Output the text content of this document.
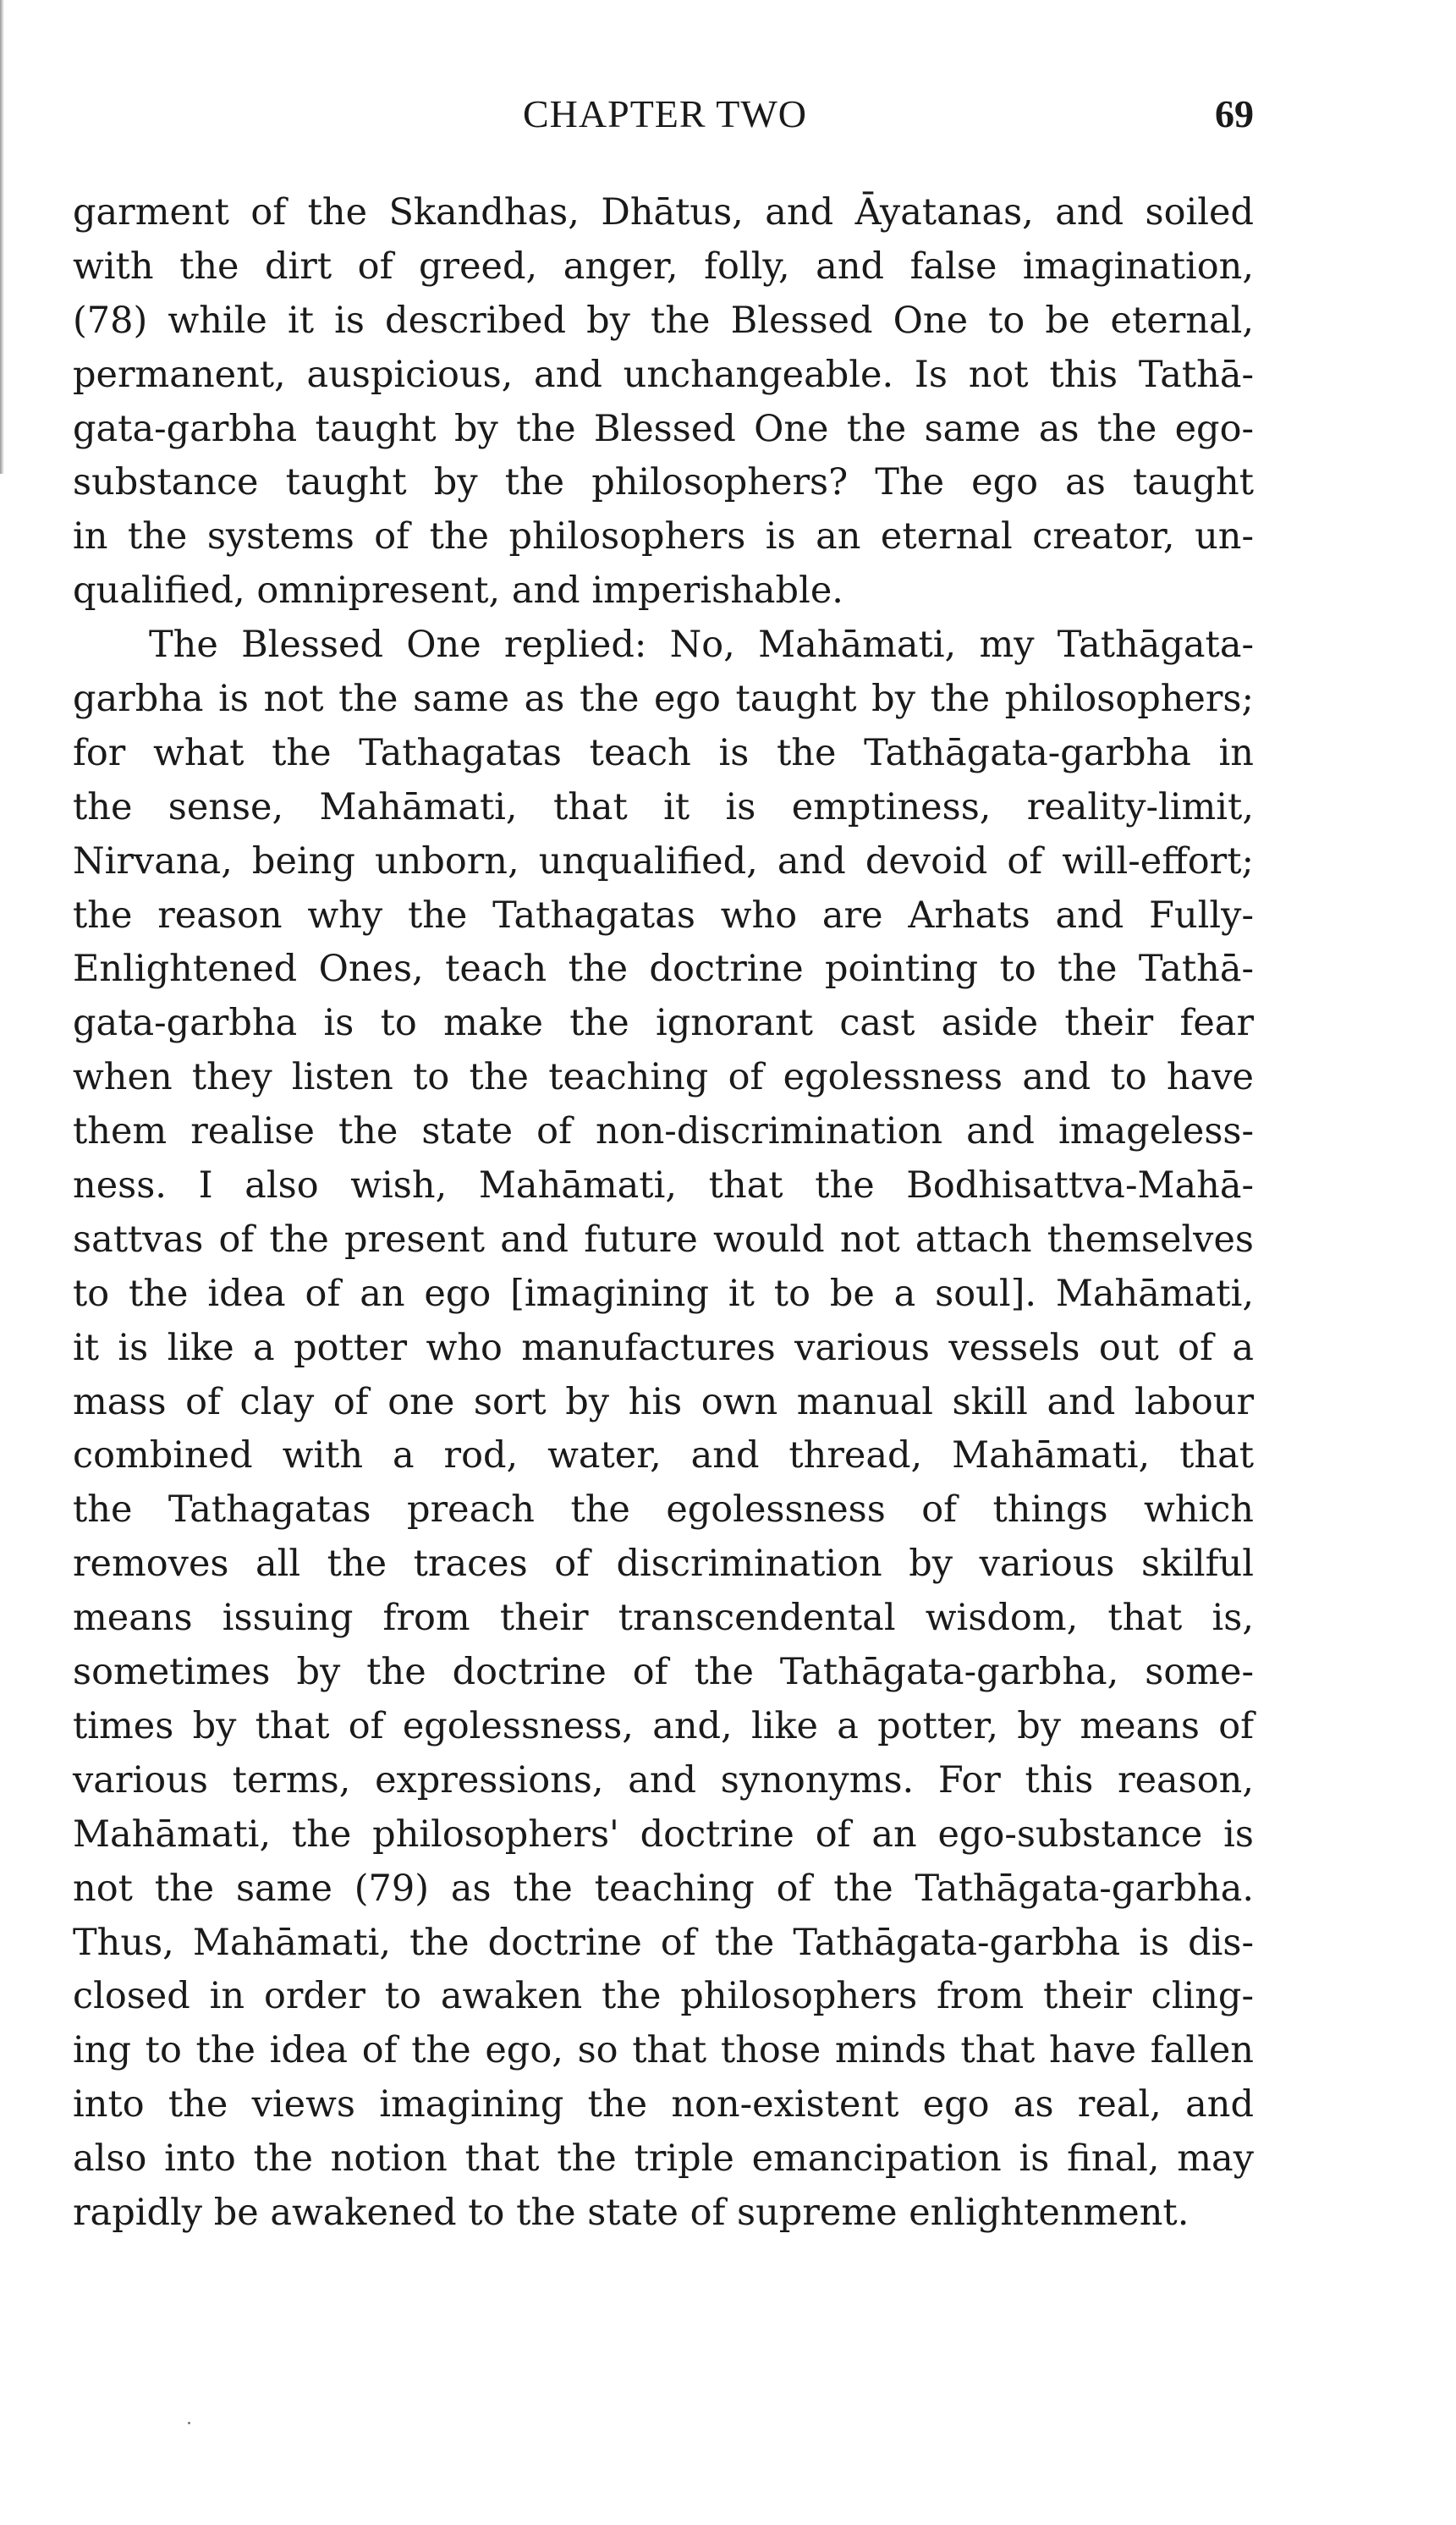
CHAPTER TWO	69
garment of the Skandhas, Dhātus, and Āyatanas, and soiled
with the dirt of greed, anger, folly, and false imagination,
(78) while it is described by the Blessed One to be eternal,
permanent, auspicious, and unchangeable. Is not this Tathā-
gata-garbha taught by the Blessed One the same as the ego-
substance taught by the philosophers? The ego as taught
in the systems of the philosophers is an eternal creator, un-
qualified, omnipresent, and imperishable.
The Blessed One replied: No, Mahāmati, my Tathāgata-
garbha is not the same as the ego taught by the philosophers;
for what the Tathagatas teach is the Tathāgata-garbha in
the sense, Mahāmati, that it is emptiness, reality-limit,
Nirvana, being unborn, unqualified, and devoid of will-effort;
the reason why the Tathagatas who are Arhats and Fully-
Enlightened Ones, teach the doctrine pointing to the Tathā-
gata-garbha is to make the ignorant cast aside their fear
when they listen to the teaching of egolessness and to have
them realise the state of non-discrimination and imageless-
ness. I also wish, Mahāmati, that the Bodhisattva-Mahā-
sattvas of the present and future would not attach themselves
to the idea of an ego [imagining it to be a soul]. Mahāmati,
it is like a potter who manufactures various vessels out of a
mass of clay of one sort by his own manual skill and labour
combined with a rod, water, and thread, Mahāmati, that
the Tathagatas preach the egolessness of things which
removes all the traces of discrimination by various skilful
means issuing from their transcendental wisdom, that is,
sometimes by the doctrine of the Tathāgata-garbha, some-
times by that of egolessness, and, like a potter, by means of
various terms, expressions, and synonyms. For this reason,
Mahāmati, the philosophers' doctrine of an ego-substance is
not the same (79) as the teaching of the Tathāgata-garbha.
Thus, Mahāmati, the doctrine of the Tathāgata-garbha is dis-
closed in order to awaken the philosophers from their cling-
ing to the idea of the ego, so that those minds that have fallen
into the views imagining the non-existent ego as real, and
also into the notion that the triple emancipation is final, may
rapidly be awakened to the state of supreme enlightenment.
